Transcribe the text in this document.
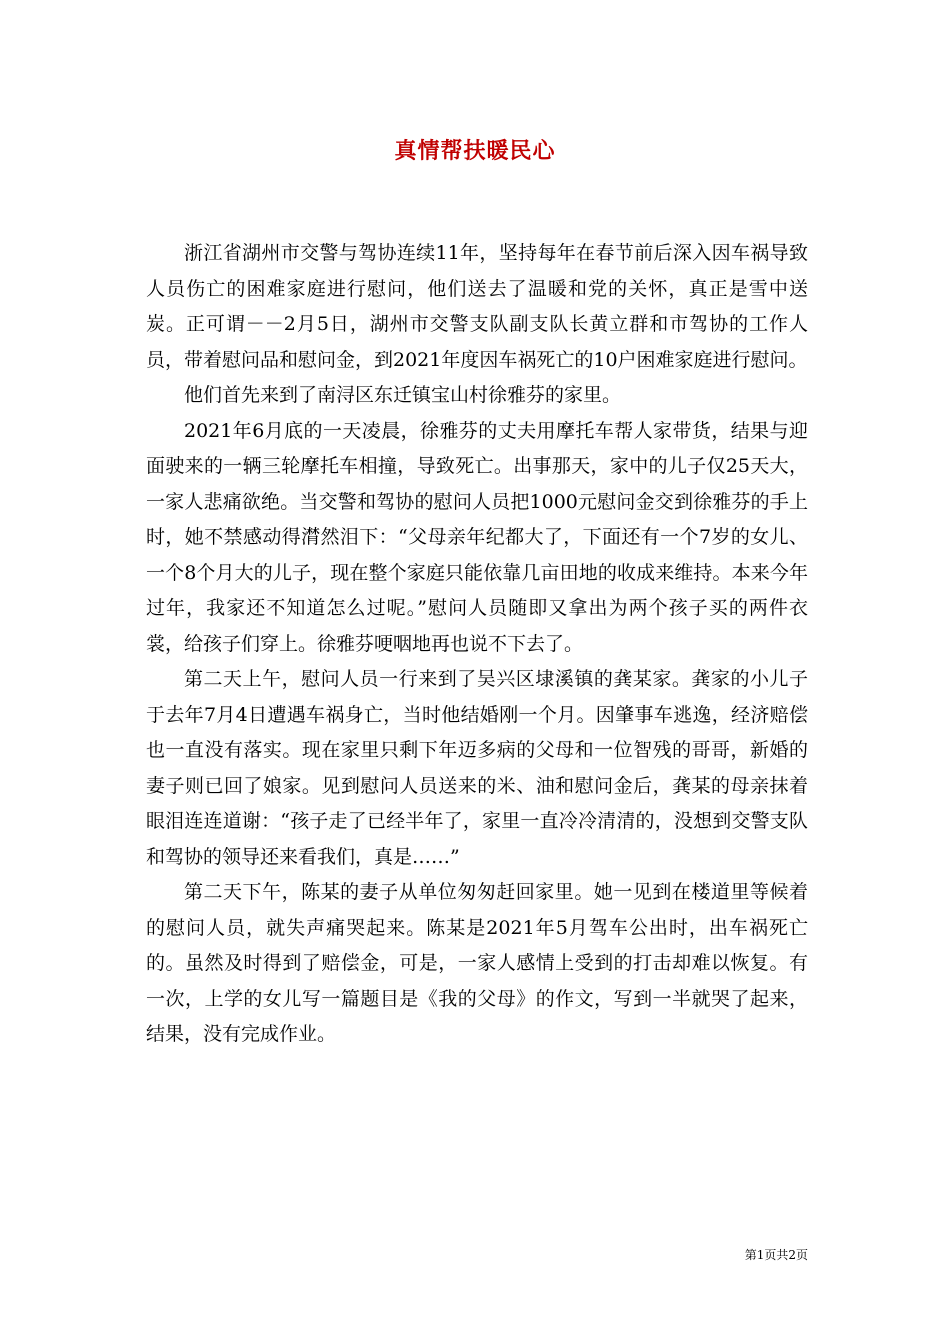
真情帮扶暖民心

浙江省湖州市交警与驾协连续11年，坚持每年在春节前后深入因车祸导致人员伤亡的困难家庭进行慰问，他们送去了温暖和党的关怀，真正是雪中送炭。正可谓－－2月5日，湖州市交警支队副支队长黄立群和市驾协的工作人员，带着慰问品和慰问金，到2021年度因车祸死亡的10户困难家庭进行慰问。

他们首先来到了南浔区东迁镇宝山村徐雅芬的家里。

2021年6月底的一天凌晨，徐雅芬的丈夫用摩托车帮人家带货，结果与迎面驶来的一辆三轮摩托车相撞，导致死亡。出事那天，家中的儿子仅25天大，一家人悲痛欲绝。当交警和驾协的慰问人员把1000元慰问金交到徐雅芬的手上时，她不禁感动得潸然泪下：“父母亲年纪都大了，下面还有一个7岁的女儿、一个8个月大的儿子，现在整个家庭只能依靠几亩田地的收成来维持。本来今年过年，我家还不知道怎么过呢。”慰问人员随即又拿出为两个孩子买的两件衣裳，给孩子们穿上。徐雅芬哽咽地再也说不下去了。

第二天上午，慰问人员一行来到了吴兴区埭溪镇的龚某家。龚家的小儿子于去年7月4日遭遇车祸身亡，当时他结婚刚一个月。因肇事车逃逸，经济赔偿也一直没有落实。现在家里只剩下年迈多病的父母和一位智残的哥哥，新婚的妻子则已回了娘家。见到慰问人员送来的米、油和慰问金后，龚某的母亲抹着眼泪连连道谢：“孩子走了已经半年了，家里一直冷冷清清的，没想到交警支队和驾协的领导还来看我们，真是……”

第二天下午，陈某的妻子从单位匆匆赶回家里。她一见到在楼道里等候着的慰问人员，就失声痛哭起来。陈某是2021年5月驾车公出时，出车祸死亡的。虽然及时得到了赔偿金，可是，一家人感情上受到的打击却难以恢复。有一次，上学的女儿写一篇题目是《我的父母》的作文，写到一半就哭了起来，结果，没有完成作业。

第1页共2页
